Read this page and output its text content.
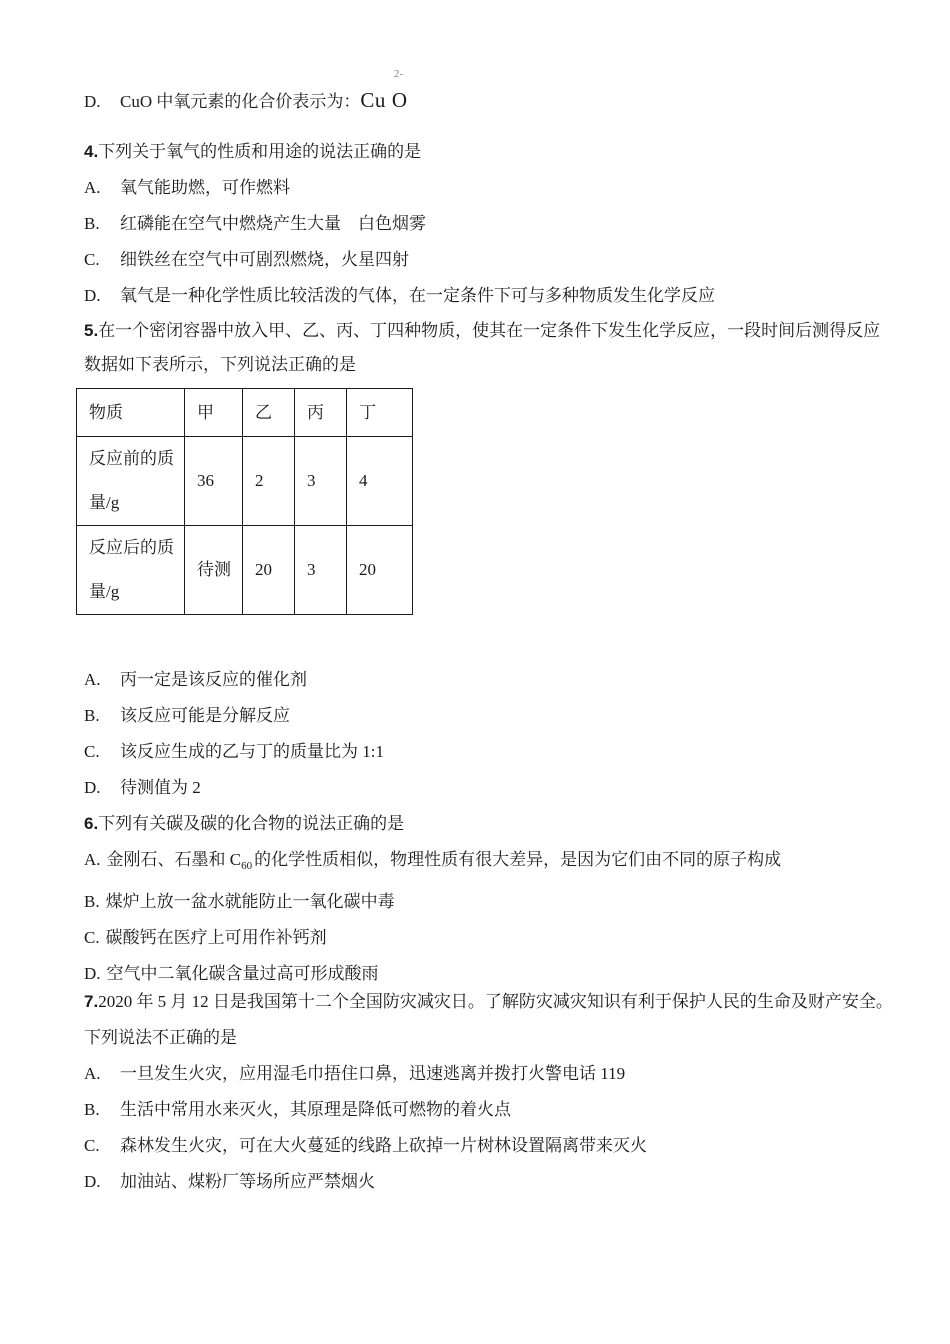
D. CuO 中氧元素的化合价表示为：Cu
2-
O

4.下列关于氧气的性质和用途的说法正确的是

A. 氧气能助燃，可作燃料

B. 红磷能在空气中燃烧产生大量　白色烟雾

C. 细铁丝在空气中可剧烈燃烧，火星四射

D. 氧气是一种化学性质比较活泼的气体，在一定条件下可与多种物质发生化学反应

5.在一个密闭容器中放入甲、乙、丙、丁四种物质，使其在一定条件下发生化学反应，一段时间后测得反应数据如下表所示，下列说法正确的是

物质	甲	乙	丙	丁
反应前的质量/g	36	2	3	4
反应后的质量/g	待测	20	3	20

A. 丙一定是该反应的催化剂

B. 该反应可能是分解反应

C. 该反应生成的乙与丁的质量比为 1:1

D. 待测值为 2

6.下列有关碳及碳的化合物的说法正确的是

A. 金刚石、石墨和 $C_{60}$ 的化学性质相似，物理性质有很大差异，是因为它们由不同的原子构成

B. 煤炉上放一盆水就能防止一氧化碳中毒

C. 碳酸钙在医疗上可用作补钙剂

D. 空气中二氧化碳含量过高可形成酸雨

7.2020 年 5 月 12 日是我国第十二个全国防灾减灾日。了解防灾减灾知识有利于保护人民的生命及财产安全。下列说法不正确的是

A. 一旦发生火灾，应用湿毛巾捂住口鼻，迅速逃离并拨打火警电话 119

B. 生活中常用水来灭火，其原理是降低可燃物的着火点

C. 森林发生火灾，可在大火蔓延的线路上砍掉一片树林设置隔离带来灭火

D. 加油站、煤粉厂等场所应严禁烟火
